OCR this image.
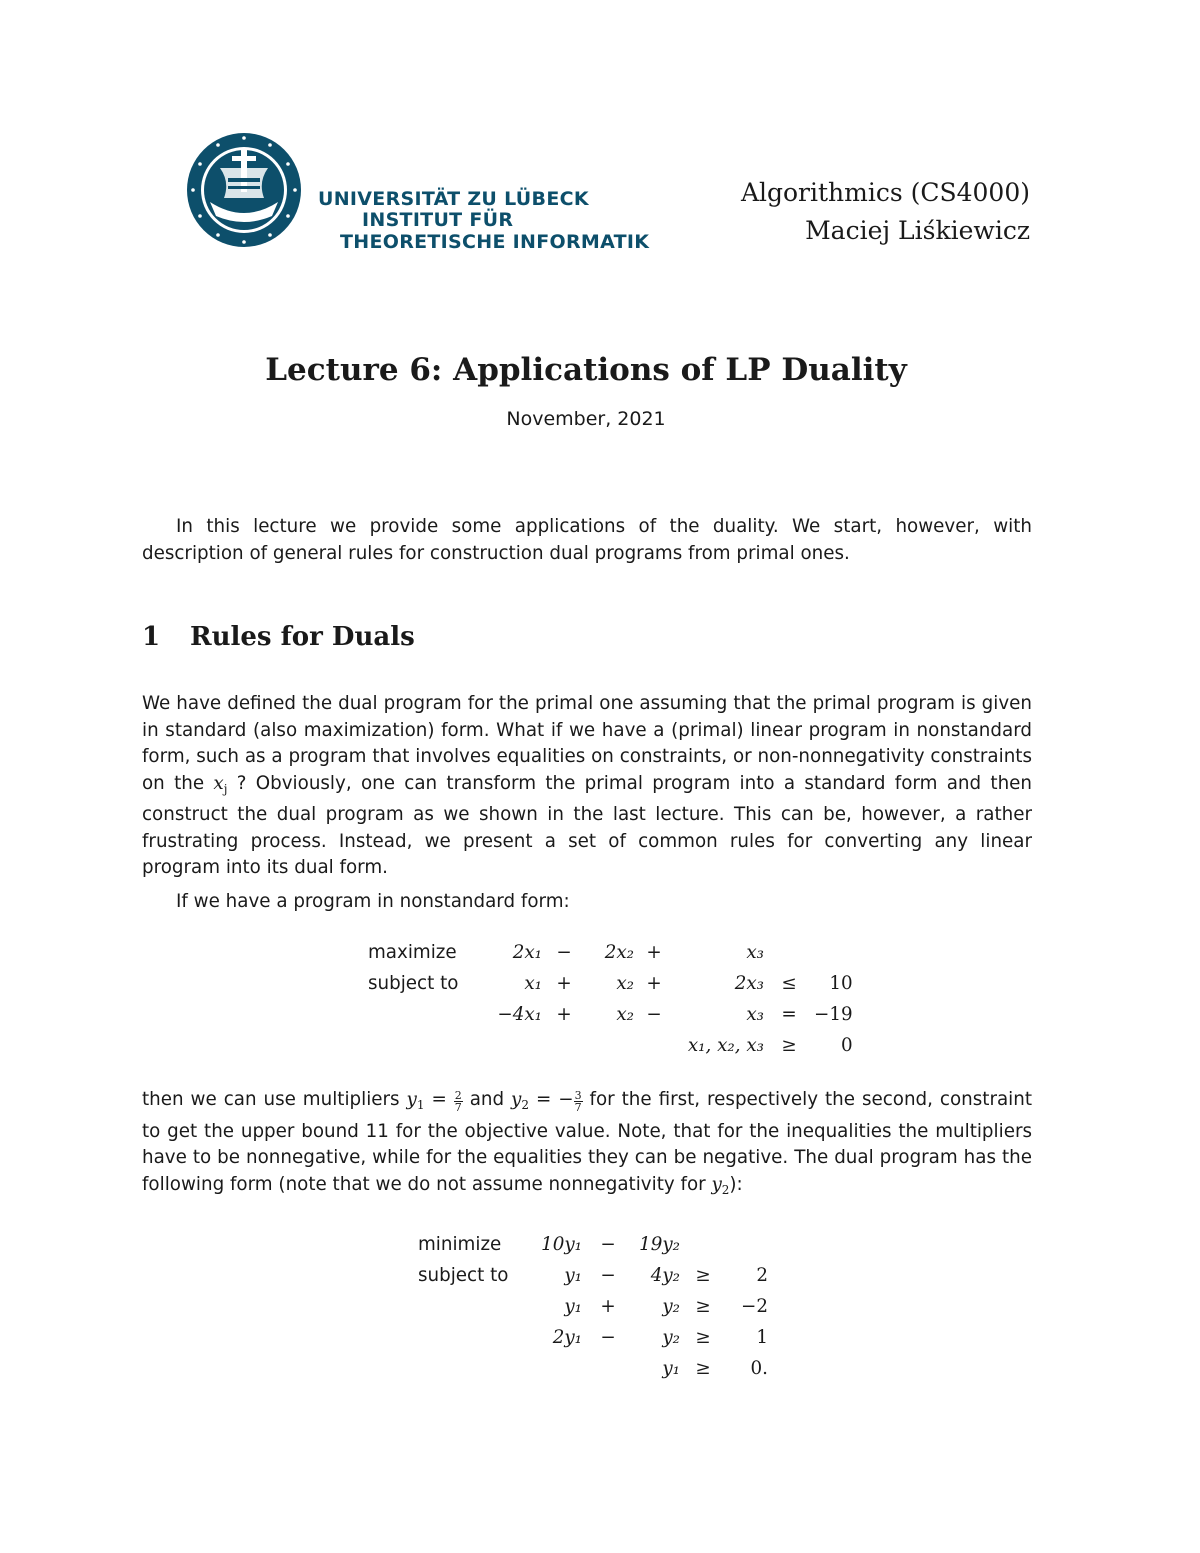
UNIVERSITÄT ZU LÜBECK
INSTITUT FÜR
THEORETISCHE INFORMATIK
Algorithmics (CS4000)
Maciej Liśkiewicz
Lecture 6: Applications of LP Duality
November, 2021
In this lecture we provide some applications of the duality. We start, however, with description of general rules for construction dual programs from primal ones.
1 Rules for Duals
We have defined the dual program for the primal one assuming that the primal program is given in standard (also maximization) form. What if we have a (primal) linear program in nonstandard form, such as a program that involves equalities on constraints, or non-nonnegativity constraints on the $x_j$ ? Obviously, one can transform the primal program into a standard form and then construct the dual program as we shown in the last lecture. This can be, however, a rather frustrating process. Instead, we present a set of common rules for converting any linear program into its dual form.
If we have a program in nonstandard form:
maximize	2x₁	−	2x₂	+	x₃		
subject to	x₁	+	x₂	+	2x₃	≤	10
	−4x₁	+	x₂	−	x₃	=	−19
					x₁, x₂, x₃	≥	0
then we can use multipliers $y_1 = \frac{2}{7}$ and $y_2$ = − $\frac{3}{7}$ for the first, respectively the second, constraint to get the upper bound 11 for the objective value. Note, that for the inequalities the multipliers have to be nonnegative, while for the equalities they can be negative. The dual program has the following form (note that we do not assume nonnegativity for $y_2$):
minimize	10y₁	−	19y₂		
subject to	y₁	−	4y₂	≥	2
	y₁	+	y₂	≥	−2
	2y₁	−	y₂	≥	1
			y₁	≥	0.
